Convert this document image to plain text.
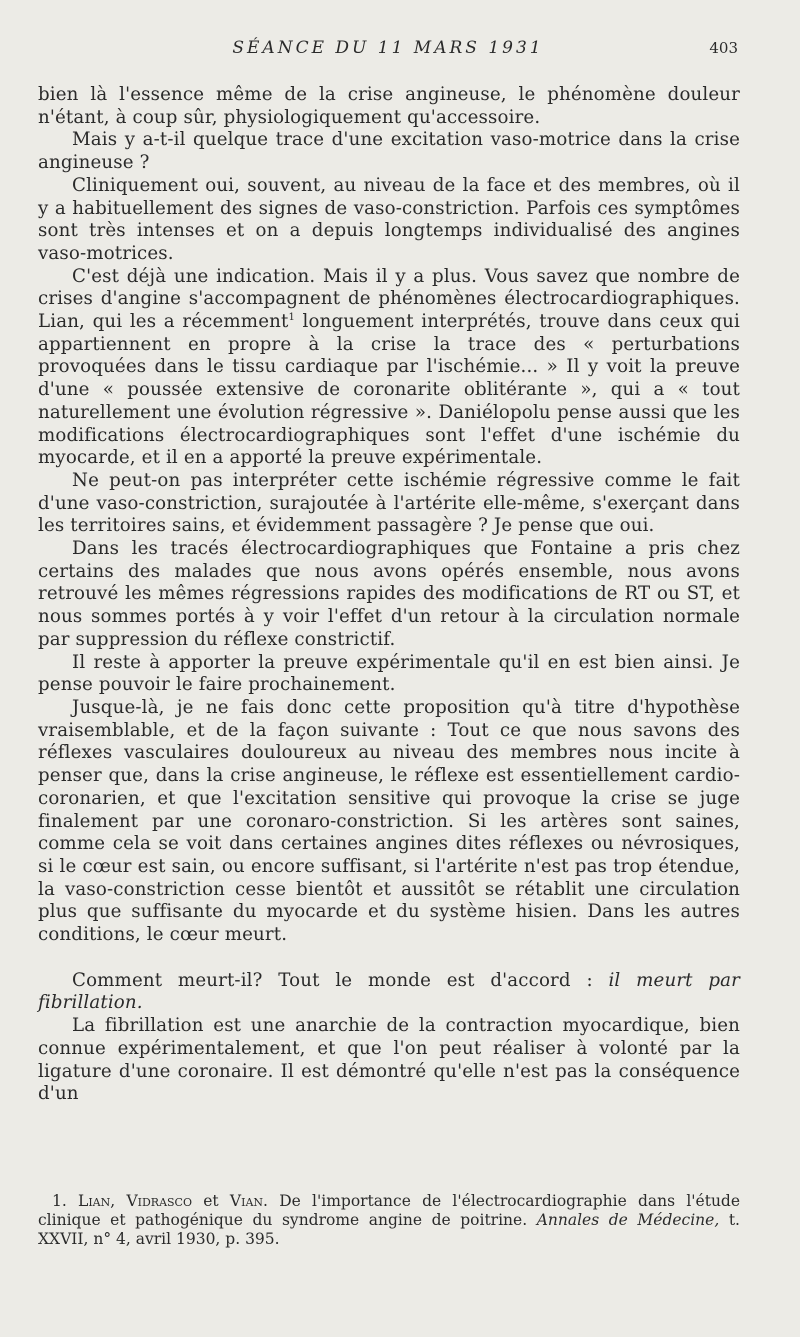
SÉANCE DU 11 MARS 1931	403

bien là l'essence même de la crise angineuse, le phénomène douleur n'étant, à coup sûr, physiologiquement qu'accessoire.

Mais y a-t-il quelque trace d'une excitation vaso-motrice dans la crise angineuse ?

Cliniquement oui, souvent, au niveau de la face et des membres, où il y a habituellement des signes de vaso-constriction. Parfois ces symptômes sont très intenses et on a depuis longtemps individualisé des angines vaso-motrices.

C'est déjà une indication. Mais il y a plus. Vous savez que nombre de crises d'angine s'accompagnent de phénomènes électrocardiographiques. Lian, qui les a récemment$^1$ longuement interprétés, trouve dans ceux qui appartiennent en propre à la crise la trace des « perturbations provoquées dans le tissu cardiaque par l'ischémie... » Il y voit la preuve d'une « poussée extensive de coronarite oblitérante », qui a « tout naturellement une évolution régressive ». Daniélopolu pense aussi que les modifications électrocardiographiques sont l'effet d'une ischémie du myocarde, et il en a apporté la preuve expérimentale.

Ne peut-on pas interpréter cette ischémie régressive comme le fait d'une vaso-constriction, surajoutée à l'artérite elle-même, s'exerçant dans les territoires sains, et évidemment passagère ? Je pense que oui.

Dans les tracés électrocardiographiques que Fontaine a pris chez certains des malades que nous avons opérés ensemble, nous avons retrouvé les mêmes régressions rapides des modifications de RT ou ST, et nous sommes portés à y voir l'effet d'un retour à la circulation normale par suppression du réflexe constrictif.

Il reste à apporter la preuve expérimentale qu'il en est bien ainsi. Je pense pouvoir le faire prochainement.

Jusque-là, je ne fais donc cette proposition qu'à titre d'hypothèse vraisemblable, et de la façon suivante : Tout ce que nous savons des réflexes vasculaires douloureux au niveau des membres nous incite à penser que, dans la crise angineuse, le réflexe est essentiellement cardio-coronarien, et que l'excitation sensitive qui provoque la crise se juge finalement par une coronaro-constriction. Si les artères sont saines, comme cela se voit dans certaines angines dites réflexes ou névrosiques, si le cœur est sain, ou encore suffisant, si l'artérite n'est pas trop étendue, la vaso-constriction cesse bientôt et aussitôt se rétablit une circulation plus que suffisante du myocarde et du système hisien. Dans les autres conditions, le cœur meurt.

Comment meurt-il? Tout le monde est d'accord : il meurt par fibrillation.

La fibrillation est une anarchie de la contraction myocardique, bien connue expérimentalement, et que l'on peut réaliser à volonté par la ligature d'une coronaire. Il est démontré qu'elle n'est pas la conséquence d'un

1. Lian, Vidrasco et Vian. De l'importance de l'électrocardiographie dans l'étude clinique et pathogénique du syndrome angine de poitrine. Annales de Médecine, t. XXVII, n° 4, avril 1930, p. 395.
